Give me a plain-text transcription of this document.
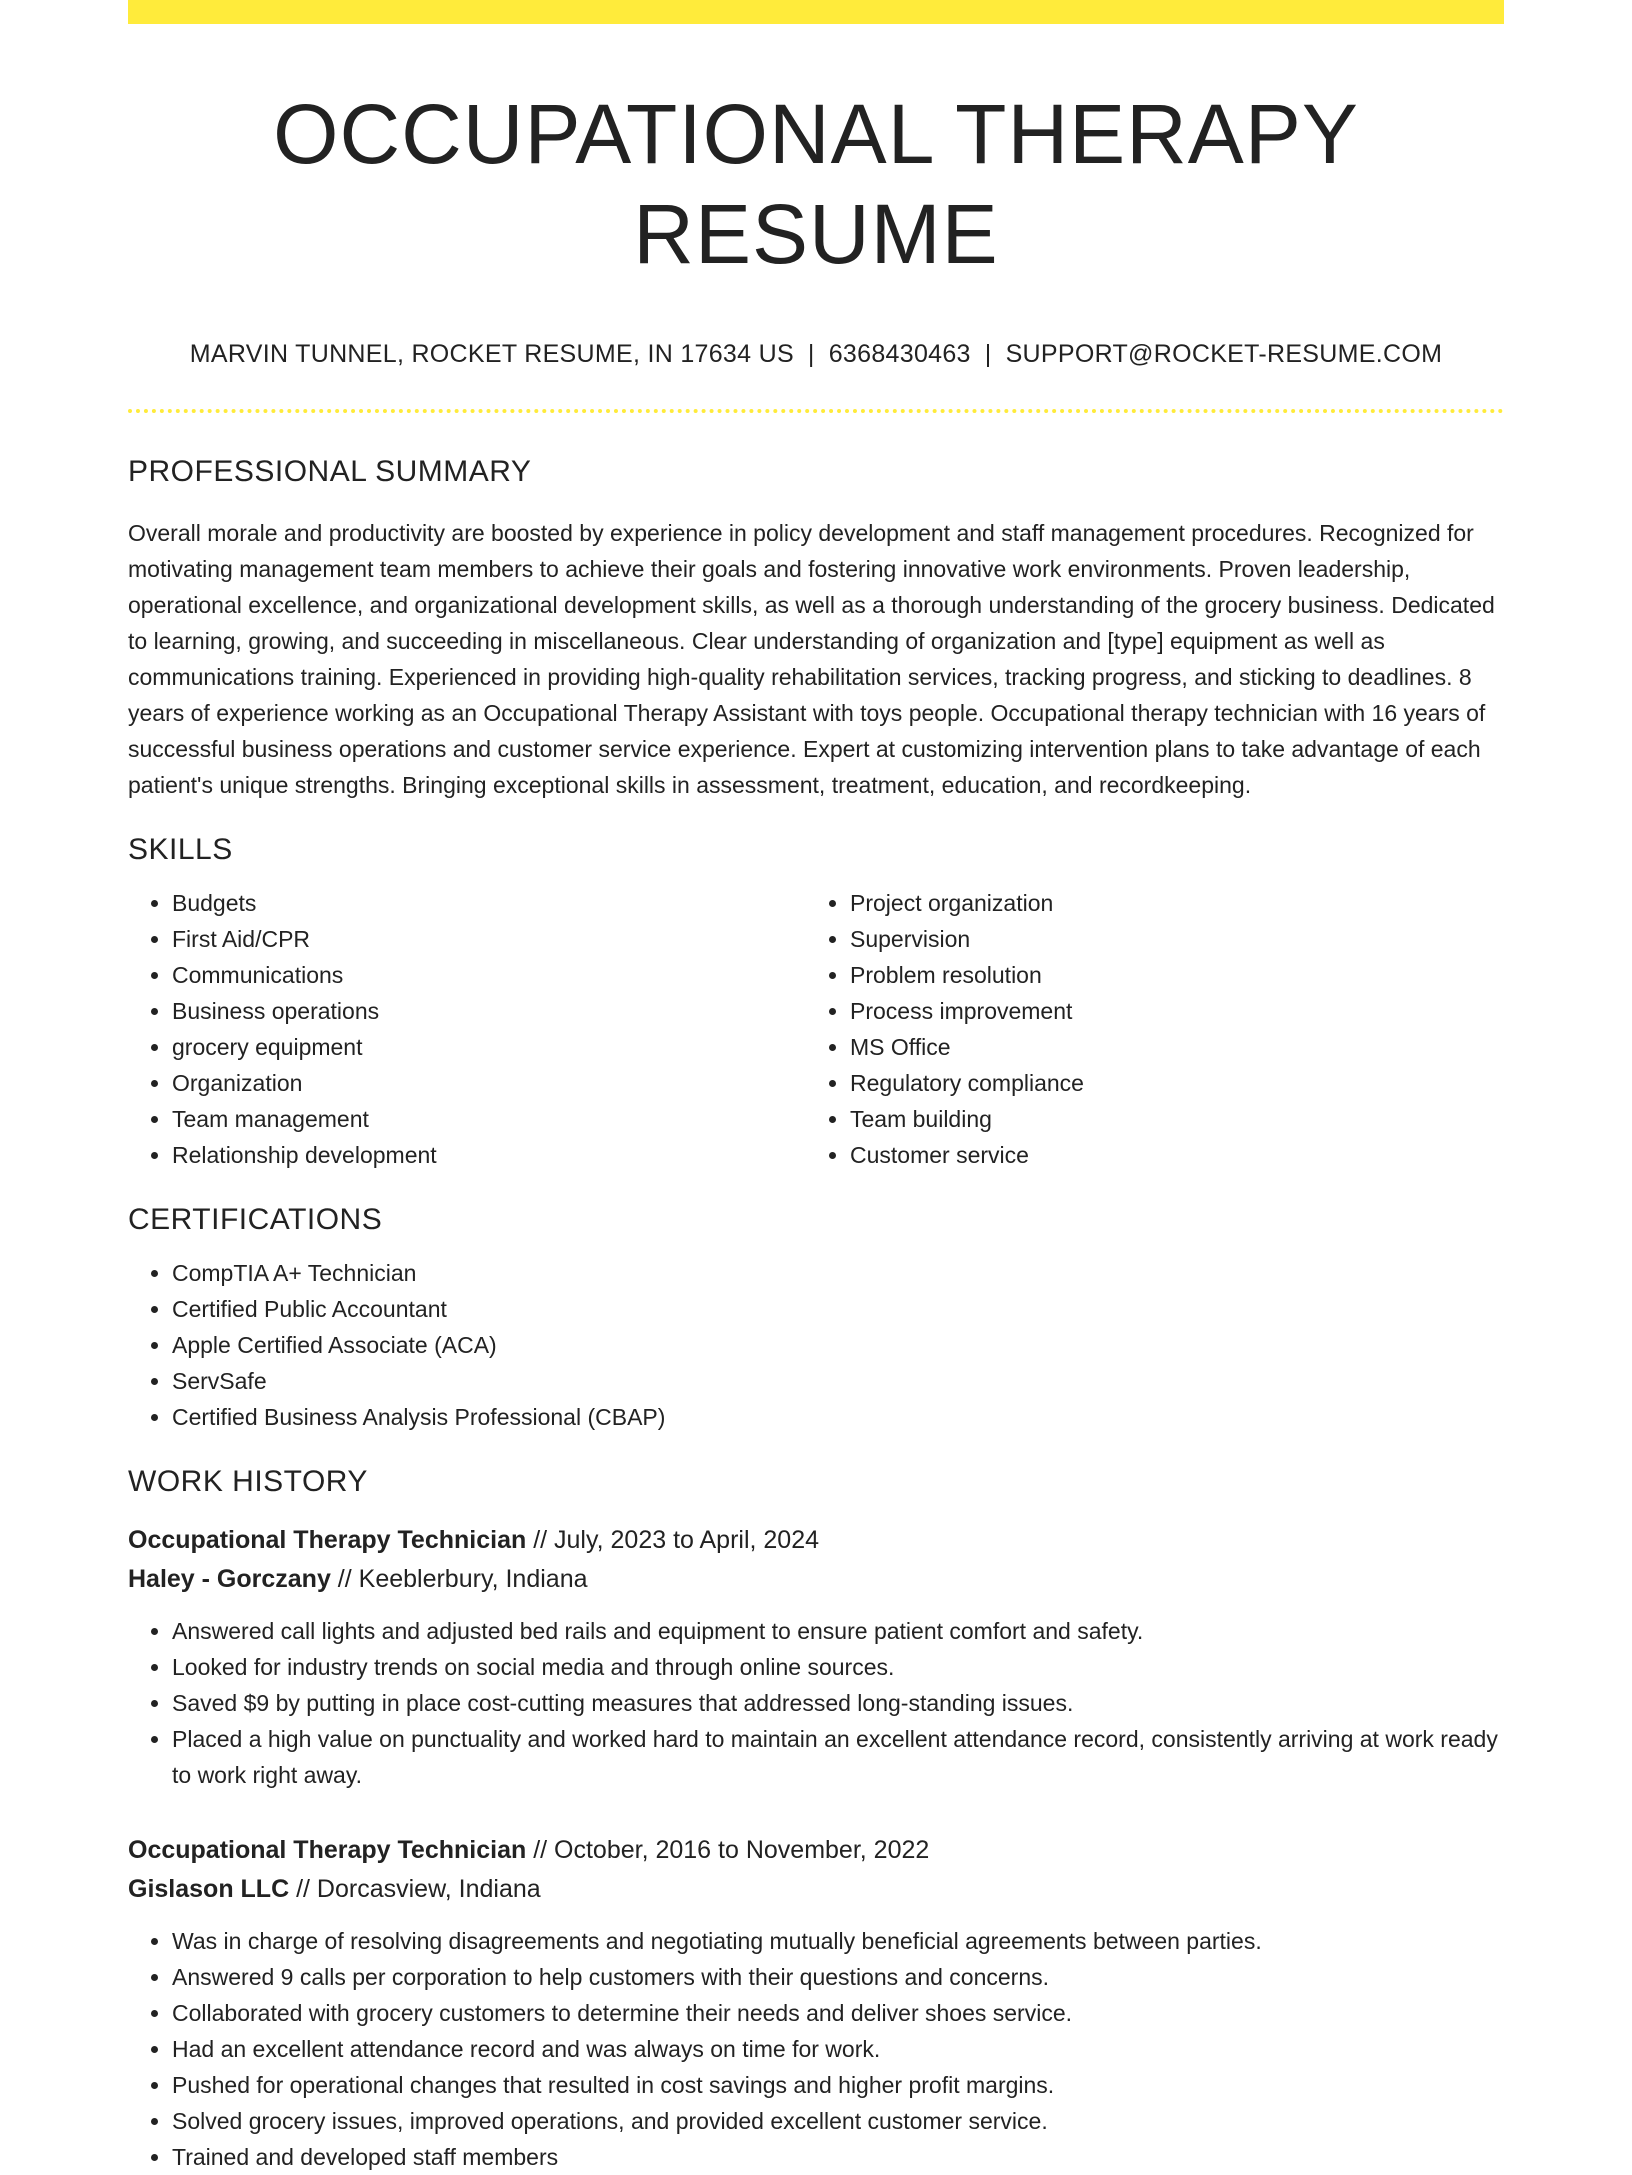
OCCUPATIONAL THERAPY RESUME
MARVIN TUNNEL, ROCKET RESUME, IN 17634 US | 6368430463 | SUPPORT@ROCKET-RESUME.COM
PROFESSIONAL SUMMARY

Overall morale and productivity are boosted by experience in policy development and staff management procedures. Recognized for motivating management team members to achieve their goals and fostering innovative work environments. Proven leadership, operational excellence, and organizational development skills, as well as a thorough understanding of the grocery business. Dedicated to learning, growing, and succeeding in miscellaneous. Clear understanding of organization and [type] equipment as well as communications training. Experienced in providing high-quality rehabilitation services, tracking progress, and sticking to deadlines. 8 years of experience working as an Occupational Therapy Assistant with toys people. Occupational therapy technician with 16 years of successful business operations and customer service experience. Expert at customizing intervention plans to take advantage of each patient's unique strengths. Bringing exceptional skills in assessment, treatment, education, and recordkeeping.

SKILLS
• Budgets
• First Aid/CPR
• Communications
• Business operations
• grocery equipment
• Organization
• Team management
• Relationship development
• Project organization
• Supervision
• Problem resolution
• Process improvement
• MS Office
• Regulatory compliance
• Team building
• Customer service
CERTIFICATIONS
• CompTIA A+ Technician
• Certified Public Accountant
• Apple Certified Associate (ACA)
• ServSafe
• Certified Business Analysis Professional (CBAP)
WORK HISTORY
Occupational Therapy Technician // July, 2023 to April, 2024
Haley - Gorczany // Keeblerbury, Indiana
• Answered call lights and adjusted bed rails and equipment to ensure patient comfort and safety.
• Looked for industry trends on social media and through online sources.
• Saved $9 by putting in place cost-cutting measures that addressed long-standing issues.
• Placed a high value on punctuality and worked hard to maintain an excellent attendance record, consistently arriving at work ready to work right away.
Occupational Therapy Technician // October, 2016 to November, 2022
Gislason LLC // Dorcasview, Indiana
• Was in charge of resolving disagreements and negotiating mutually beneficial agreements between parties.
• Answered 9 calls per corporation to help customers with their questions and concerns.
• Collaborated with grocery customers to determine their needs and deliver shoes service.
• Had an excellent attendance record and was always on time for work.
• Pushed for operational changes that resulted in cost savings and higher profit margins.
• Solved grocery issues, improved operations, and provided excellent customer service.
• Trained and developed staff members
